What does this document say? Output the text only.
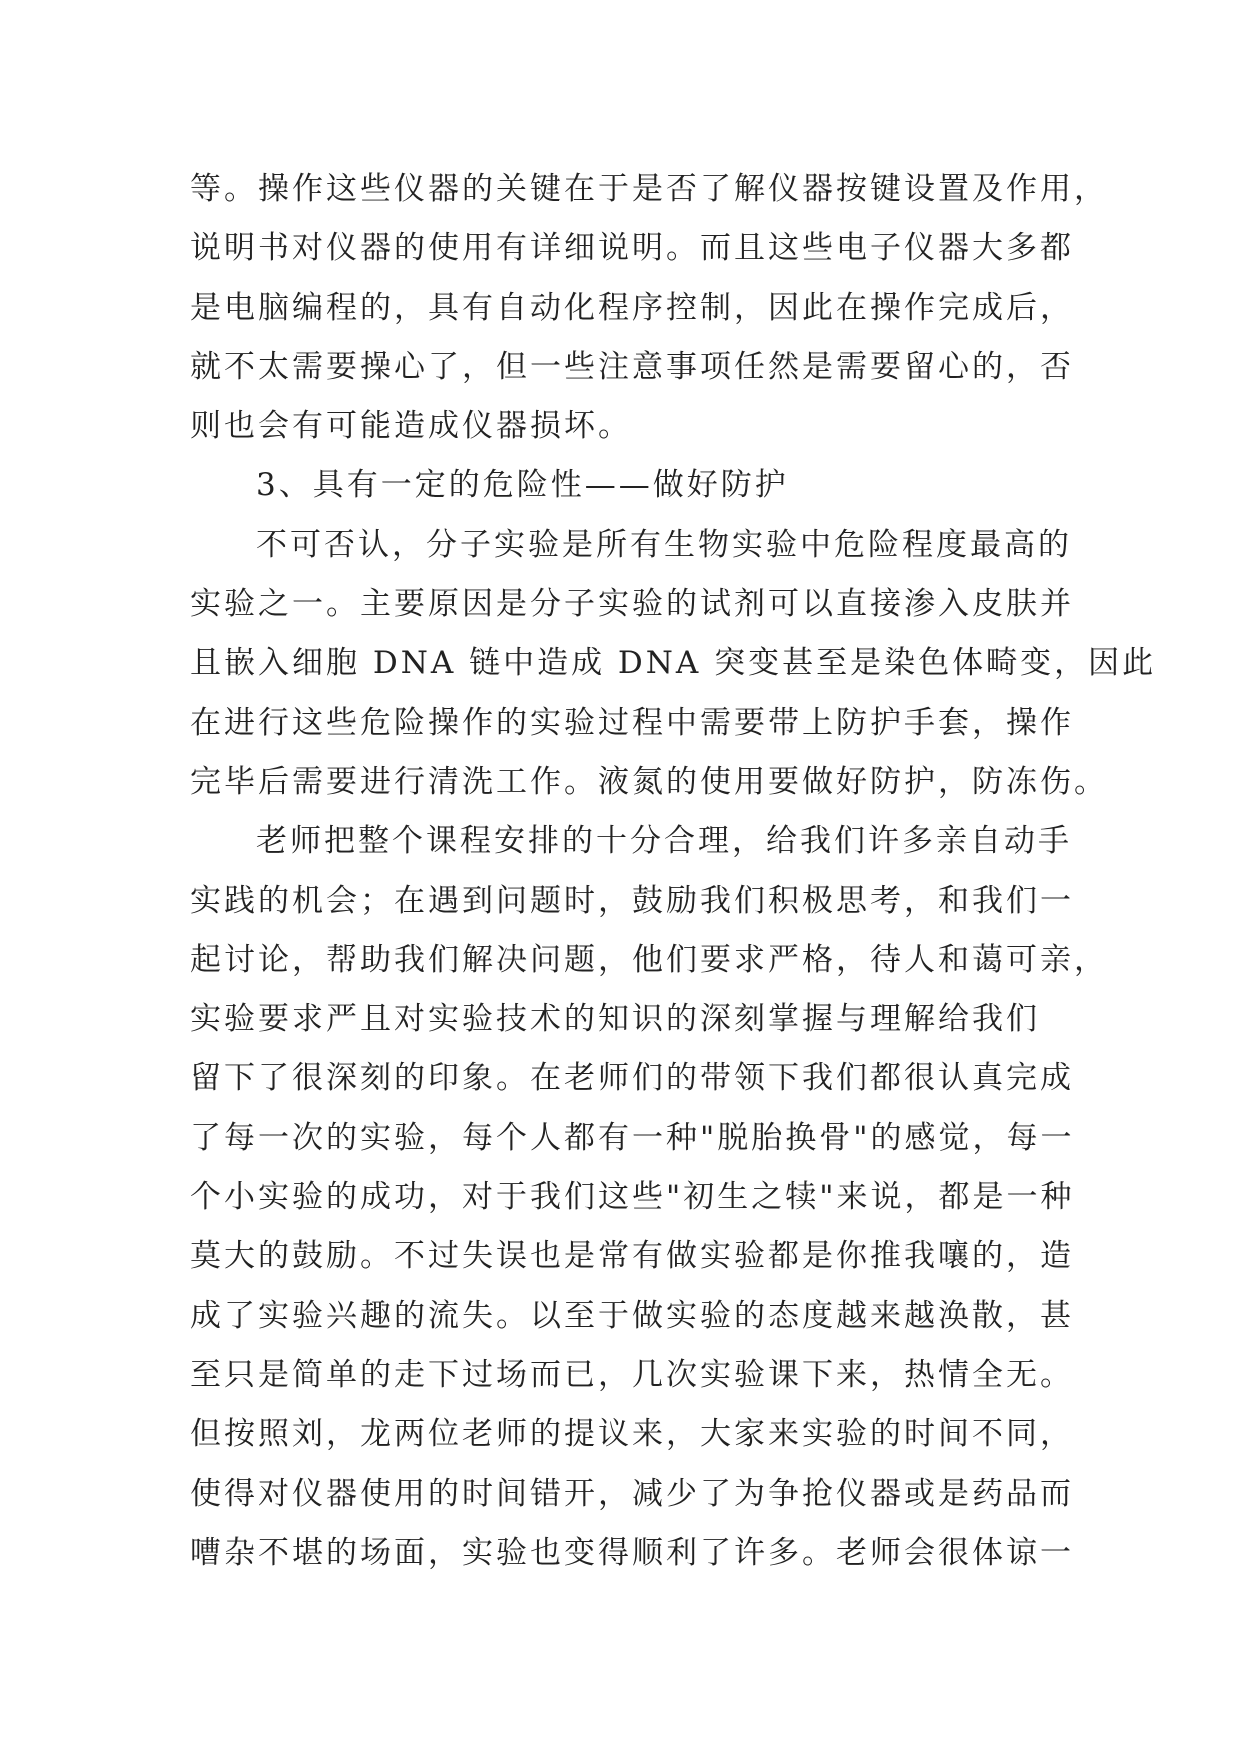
等。操作这些仪器的关键在于是否了解仪器按键设置及作用，
说明书对仪器的使用有详细说明。而且这些电子仪器大多都
是电脑编程的，具有自动化程序控制，因此在操作完成后，
就不太需要操心了，但一些注意事项任然是需要留心的，否
则也会有可能造成仪器损坏。
3、具有一定的危险性——做好防护
不可否认，分子实验是所有生物实验中危险程度最高的
实验之一。主要原因是分子实验的试剂可以直接渗入皮肤并
且嵌入细胞 DNA 链中造成 DNA 突变甚至是染色体畸变，因此
在进行这些危险操作的实验过程中需要带上防护手套，操作
完毕后需要进行清洗工作。液氮的使用要做好防护，防冻伤。
老师把整个课程安排的十分合理，给我们许多亲自动手
实践的机会；在遇到问题时，鼓励我们积极思考，和我们一
起讨论，帮助我们解决问题，他们要求严格，待人和蔼可亲，
实验要求严且对实验技术的知识的深刻掌握与理解给我们
留下了很深刻的印象。在老师们的带领下我们都很认真完成
了每一次的实验，每个人都有一种"脱胎换骨"的感觉，每一
个小实验的成功，对于我们这些"初生之犊"来说，都是一种
莫大的鼓励。不过失误也是常有做实验都是你推我嚷的，造
成了实验兴趣的流失。以至于做实验的态度越来越涣散，甚
至只是简单的走下过场而已，几次实验课下来，热情全无。
但按照刘，龙两位老师的提议来，大家来实验的时间不同，
使得对仪器使用的时间错开，减少了为争抢仪器或是药品而
嘈杂不堪的场面，实验也变得顺利了许多。老师会很体谅一
